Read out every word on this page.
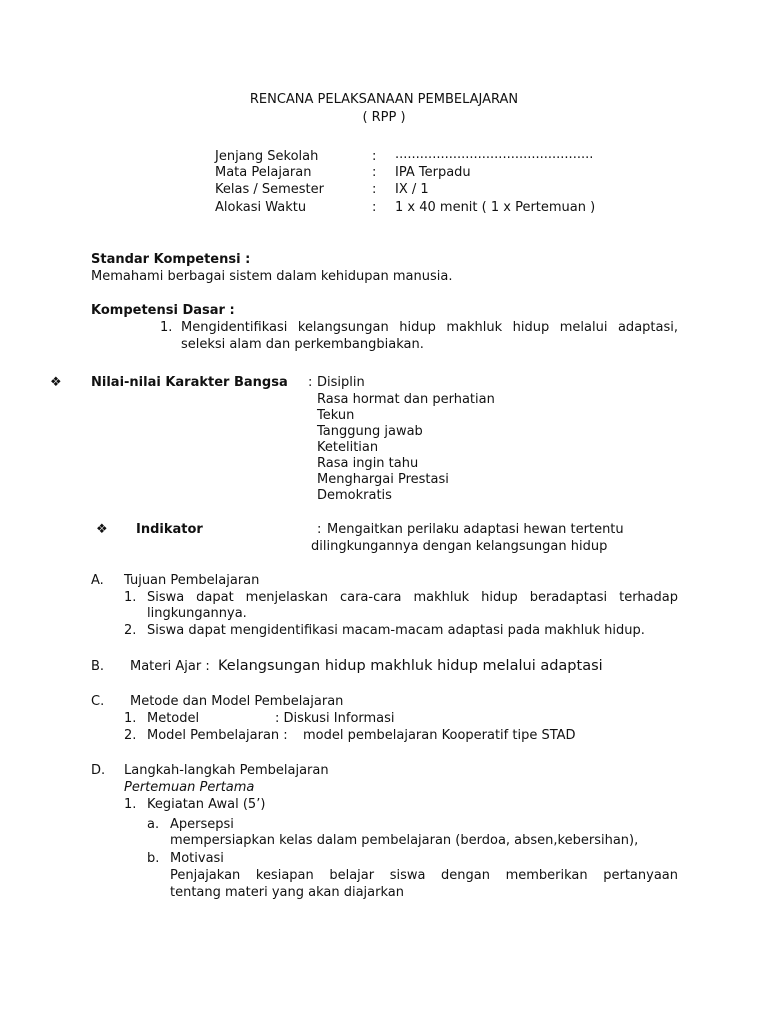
RENCANA PELAKSANAAN PEMBELAJARAN
( RPP )
Jenjang Sekolah	: ................................................
Mata Pelajaran	: IPA Terpadu
Kelas / Semester	: IX / 1
Alokasi Waktu	: 1 x 40 menit ( 1 x Pertemuan )
Standar Kompetensi :
Memahami berbagai sistem dalam kehidupan manusia.
Kompetensi Dasar :
1. Mengidentifikasi kelangsungan hidup makhluk hidup melalui adaptasi,
seleksi alam dan perkembangbiakan.
❖ Nilai-nilai Karakter Bangsa : Disiplin
Rasa hormat dan perhatian
Tekun
Tanggung jawab
Ketelitian
Rasa ingin tahu
Menghargai Prestasi
Demokratis
❖ Indikator	: Mengaitkan perilaku adaptasi hewan tertentu
dilingkungannya dengan kelangsungan hidup
A. Tujuan Pembelajaran
1. Siswa dapat menjelaskan cara-cara makhluk hidup beradaptasi terhadap
lingkungannya.
2. Siswa dapat mengidentifikasi macam-macam adaptasi pada makhluk hidup.
B. Materi Ajar : Kelangsungan hidup makhluk hidup melalui adaptasi
C. Metode dan Model Pembelajaran
1. Metodel	: Diskusi Informasi
2. Model Pembelajaran : model pembelajaran Kooperatif tipe STAD
D. Langkah-langkah Pembelajaran
Pertemuan Pertama
1. Kegiatan Awal (5’)
a. Apersepsi
mempersiapkan kelas dalam pembelajaran (berdoa, absen,kebersihan),
b. Motivasi
Penjajakan kesiapan belajar siswa dengan memberikan pertanyaan
tentang materi yang akan diajarkan
